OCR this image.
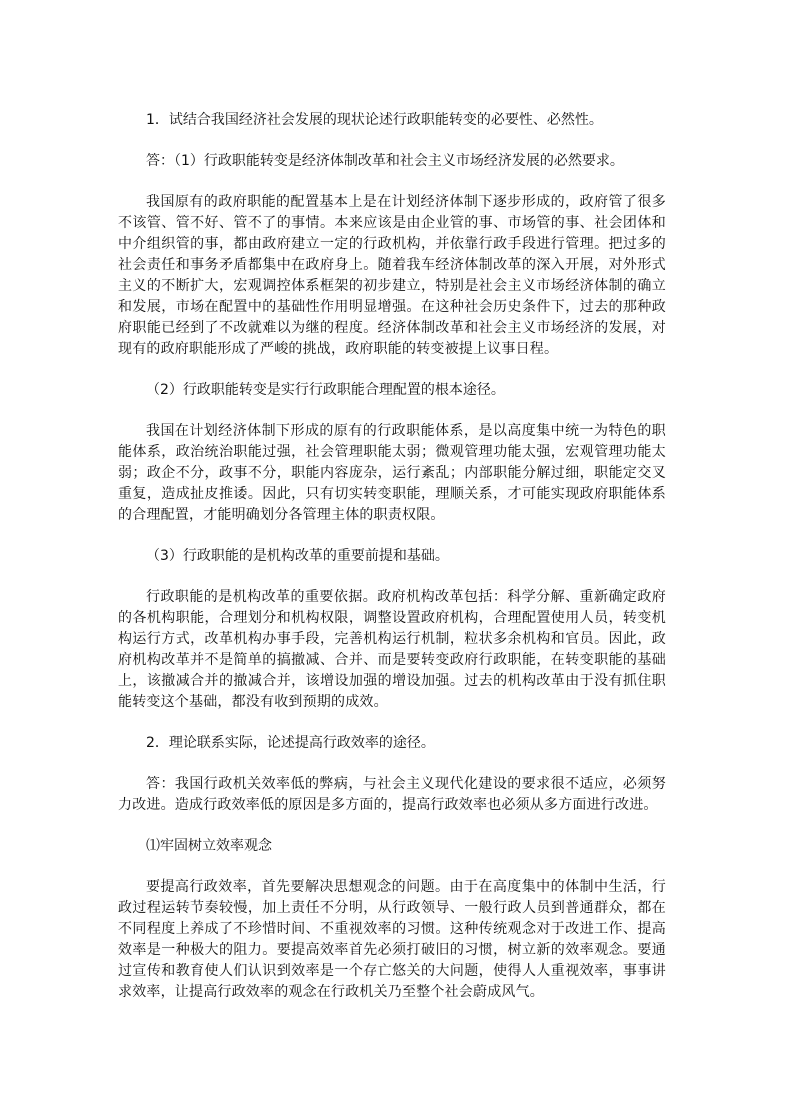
1．试结合我国经济社会发展的现状论述行政职能转变的必要性、必然性。

答：（1）行政职能转变是经济体制改革和社会主义市场经济发展的必然要求。

我国原有的政府职能的配置基本上是在计划经济体制下逐步形成的，政府管了很多不该管、管不好、管不了的事情。本来应该是由企业管的事、市场管的事、社会团体和中介组织管的事，都由政府建立一定的行政机构，并依靠行政手段进行管理。把过多的社会责任和事务矛盾都集中在政府身上。随着我车经济体制改革的深入开展，对外形式主义的不断扩大，宏观调控体系框架的初步建立，特别是社会主义市场经济体制的确立和发展，市场在配置中的基础性作用明显增强。在这种社会历史条件下，过去的那种政府职能已经到了不改就难以为继的程度。经济体制改革和社会主义市场经济的发展，对现有的政府职能形成了严峻的挑战，政府职能的转变被提上议事日程。

（2）行政职能转变是实行行政职能合理配置的根本途径。

我国在计划经济体制下形成的原有的行政职能体系，是以高度集中统一为特色的职能体系，政治统治职能过强，社会管理职能太弱；微观管理功能太强，宏观管理功能太弱；政企不分，政事不分，职能内容庞杂，运行紊乱；内部职能分解过细，职能定交叉重复，造成扯皮推诿。因此，只有切实转变职能，理顺关系，才可能实现政府职能体系的合理配置，才能明确划分各管理主体的职责权限。

（3）行政职能的是机构改革的重要前提和基础。

行政职能的是机构改革的重要依据。政府机构改革包括：科学分解、重新确定政府的各机构职能，合理划分和机构权限，调整设置政府机构，合理配置使用人员，转变机构运行方式，改革机构办事手段，完善机构运行机制，粒状多余机构和官员。因此，政府机构改革并不是简单的搞撤减、合并、而是要转变政府行政职能，在转变职能的基础上，该撤减合并的撤减合并，该增设加强的增设加强。过去的机构改革由于没有抓住职能转变这个基础，都没有收到预期的成效。

2．理论联系实际，论述提高行政效率的途径。

答：我国行政机关效率低的弊病，与社会主义现代化建设的要求很不适应，必须努力改进。造成行政效率低的原因是多方面的，提高行政效率也必须从多方面进行改进。

⑴牢固树立效率观念

要提高行政效率，首先要解决思想观念的问题。由于在高度集中的体制中生活，行政过程运转节奏较慢，加上责任不分明，从行政领导、一般行政人员到普通群众，都在不同程度上养成了不珍惜时间、不重视效率的习惯。这种传统观念对于改进工作、提高效率是一种极大的阻力。要提高效率首先必须打破旧的习惯，树立新的效率观念。要通过宣传和教育使人们认识到效率是一个存亡悠关的大问题，使得人人重视效率，事事讲求效率，让提高行政效率的观念在行政机关乃至整个社会蔚成风气。
